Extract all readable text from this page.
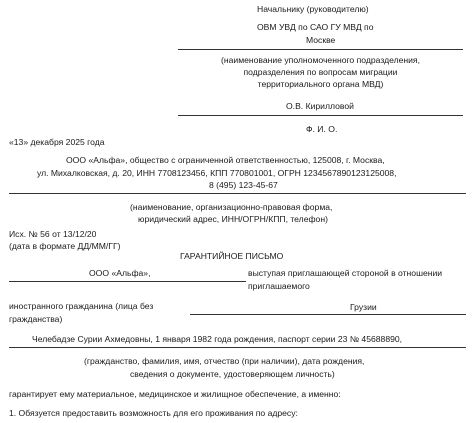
Начальнику (руководителю)
ОВМ УВД по САО ГУ МВД по
Москве
(наименование уполномоченного подразделения,
подразделения по вопросам миграции
территориального органа МВД)
О.В. Кирилловой
Ф. И. О.
«13» декабря 2025 года
ООО «Альфа», общество с ограниченной ответственностью, 125008, г. Москва,
ул. Михалковская, д. 20, ИНН 7708123456, КПП 770801001, ОГРН 1234567890123125008,
8 (495) 123-45-67
(наименование, организационно-правовая форма,
юридический адрес, ИНН/ОГРН/КПП, телефон)
Исх. № 56 от 13/12/20
(дата в формате ДД/ММ/ГГ)
ГАРАНТИЙНОЕ ПИСЬМО
ООО «Альфа»,	выступая приглашающей стороной в отношении
приглашаемого
иностранного гражданина (лица без
гражданства)
Грузии
Челебадзе Сурии Ахмедовны, 1 января 1982 года рождения, паспорт серии 23 № 45688890,
(гражданство, фамилия, имя, отчество (при наличии), дата рождения,
сведения о документе, удостоверяющем личность)
гарантирует ему материальное, медицинское и жилищное обеспечение, а именно:
1. Обязуется предоставить возможность для его проживания по адресу:
